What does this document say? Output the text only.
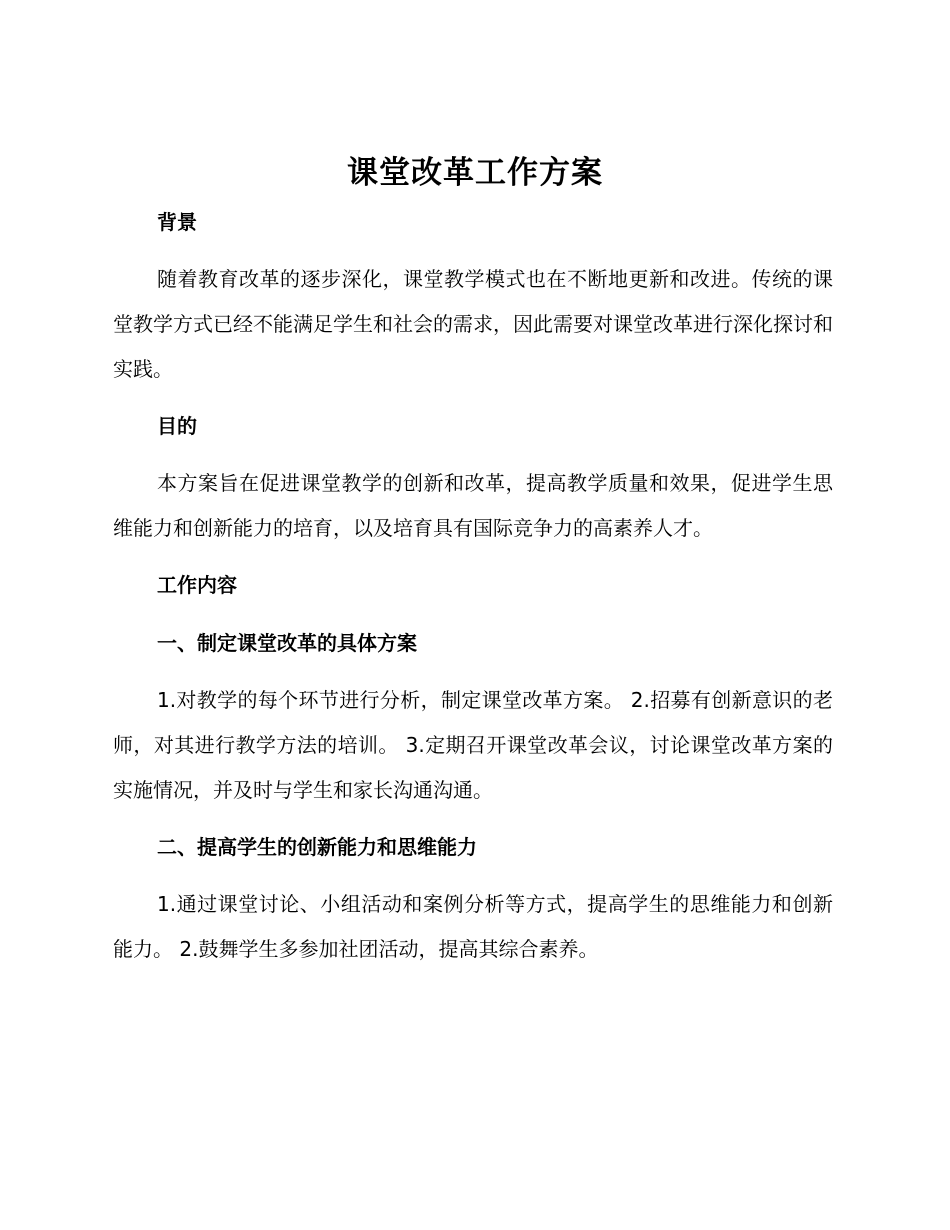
课堂改革工作方案
背景

随着教育改革的逐步深化，课堂教学模式也在不断地更新和改进。传统的课堂教学方式已经不能满足学生和社会的需求，因此需要对课堂改革进行深化探讨和实践。

目的

本方案旨在促进课堂教学的创新和改革，提高教学质量和效果，促进学生思维能力和创新能力的培育，以及培育具有国际竞争力的高素养人才。

工作内容
一、制定课堂改革的具体方案

1.对教学的每个环节进行分析，制定课堂改革方案。 2.招募有创新意识的老师，对其进行教学方法的培训。 3.定期召开课堂改革会议，讨论课堂改革方案的实施情况，并及时与学生和家长沟通沟通。

二、提高学生的创新能力和思维能力

1.通过课堂讨论、小组活动和案例分析等方式，提高学生的思维能力和创新能力。 2.鼓舞学生多参加社团活动，提高其综合素养。
